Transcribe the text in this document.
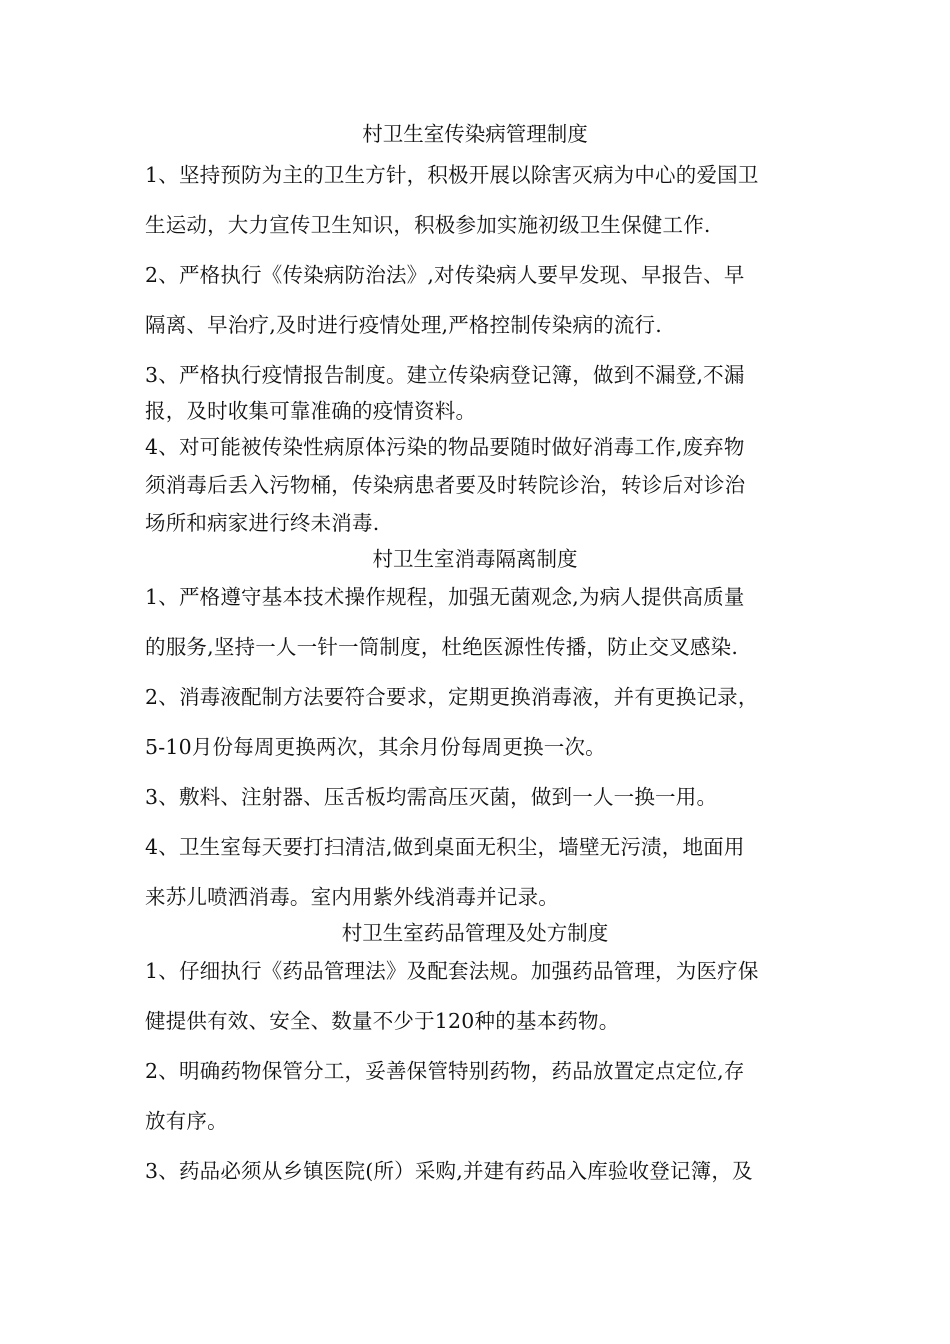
村卫生室传染病管理制度
1、坚持预防为主的卫生方针，积极开展以除害灭病为中心的爱国卫
生运动，大力宣传卫生知识，积极参加实施初级卫生保健工作.
2、严格执行《传染病防治法》,对传染病人要早发现、早报告、早
隔离、早治疗,及时进行疫情处理,严格控制传染病的流行.
3、严格执行疫情报告制度。建立传染病登记簿，做到不漏登,不漏
报，及时收集可靠准确的疫情资料。
4、对可能被传染性病原体污染的物品要随时做好消毒工作,废弃物
须消毒后丢入污物桶，传染病患者要及时转院诊治，转诊后对诊治
场所和病家进行终未消毒.
村卫生室消毒隔离制度
1、严格遵守基本技术操作规程，加强无菌观念,为病人提供高质量
的服务,坚持一人一针一筒制度，杜绝医源性传播，防止交叉感染.
2、消毒液配制方法要符合要求，定期更换消毒液，并有更换记录，
5-10月份每周更换两次，其余月份每周更换一次。
3、敷料、注射器、压舌板均需高压灭菌，做到一人一换一用。
4、卫生室每天要打扫清洁,做到桌面无积尘，墙壁无污渍，地面用
来苏儿喷洒消毒。室内用紫外线消毒并记录。
村卫生室药品管理及处方制度
1、仔细执行《药品管理法》及配套法规。加强药品管理，为医疗保
健提供有效、安全、数量不少于120种的基本药物。
2、明确药物保管分工，妥善保管特别药物，药品放置定点定位,存
放有序。
3、药品必须从乡镇医院(所）采购,并建有药品入库验收登记簿，及
